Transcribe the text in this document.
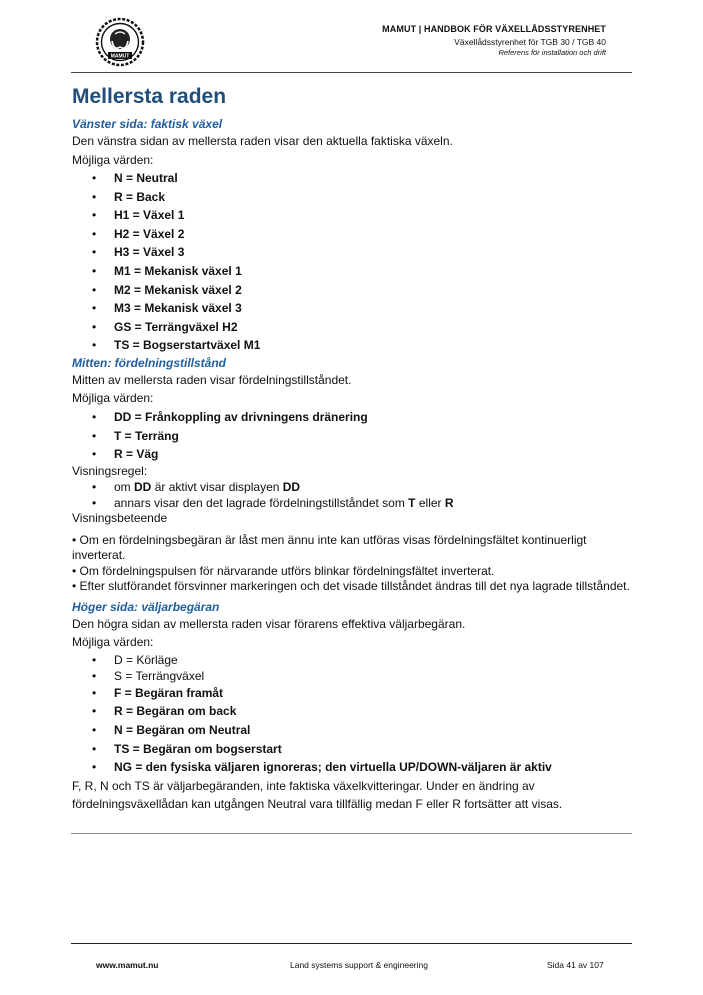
MAMUT
MAMUT | HANDBOK FÖR VÄXELLÅDSSTYRENHET
Växellådsstyrenhet för TGB 30 / TGB 40
Referens för installation och drift
Mellersta raden
Vänster sida: faktisk växel

Den vänstra sidan av mellersta raden visar den aktuella faktiska växeln.

Möjliga värden:

• N = Neutral
• R = Back
• H1 = Växel 1
• H2 = Växel 2
• H3 = Växel 3
• M1 = Mekanisk växel 1
• M2 = Mekanisk växel 2
• M3 = Mekanisk växel 3
• GS = Terrängväxel H2
• TS = Bogserstartväxel M1
Mitten: fördelningstillstånd

Mitten av mellersta raden visar fördelningstillståndet.

Möjliga värden:

• DD = Frånkoppling av drivningens dränering
• T = Terräng
• R = Väg

Visningsregel:

• om DD är aktivt visar displayen DD
• annars visar den det lagrade fördelningstillståndet som T eller R

Visningsbeteende

• Om en fördelningsbegäran är låst men ännu inte kan utföras visas fördelningsfältet kontinuerligt inverterat.

• Om fördelningspulsen för närvarande utförs blinkar fördelningsfältet inverterat.

• Efter slutförandet försvinner markeringen och det visade tillståndet ändras till det nya lagrade tillståndet.

Höger sida: väljarbegäran

Den högra sidan av mellersta raden visar förarens effektiva väljarbegäran.

Möjliga värden:

• D = Körläge
• S = Terrängväxel
• F = Begäran framåt
• R = Begäran om back
• N = Begäran om Neutral
• TS = Begäran om bogserstart
• NG = den fysiska väljaren ignoreras; den virtuella UP/DOWN-väljaren är aktiv

F, R, N och TS är väljarbegäranden, inte faktiska växelkvitteringar. Under en ändring av fördelningsväxellådan kan utgången Neutral vara tillfällig medan F eller R fortsätter att visas.

www.mamut.nu	Land systems support & engineering	Sida 41 av 107
